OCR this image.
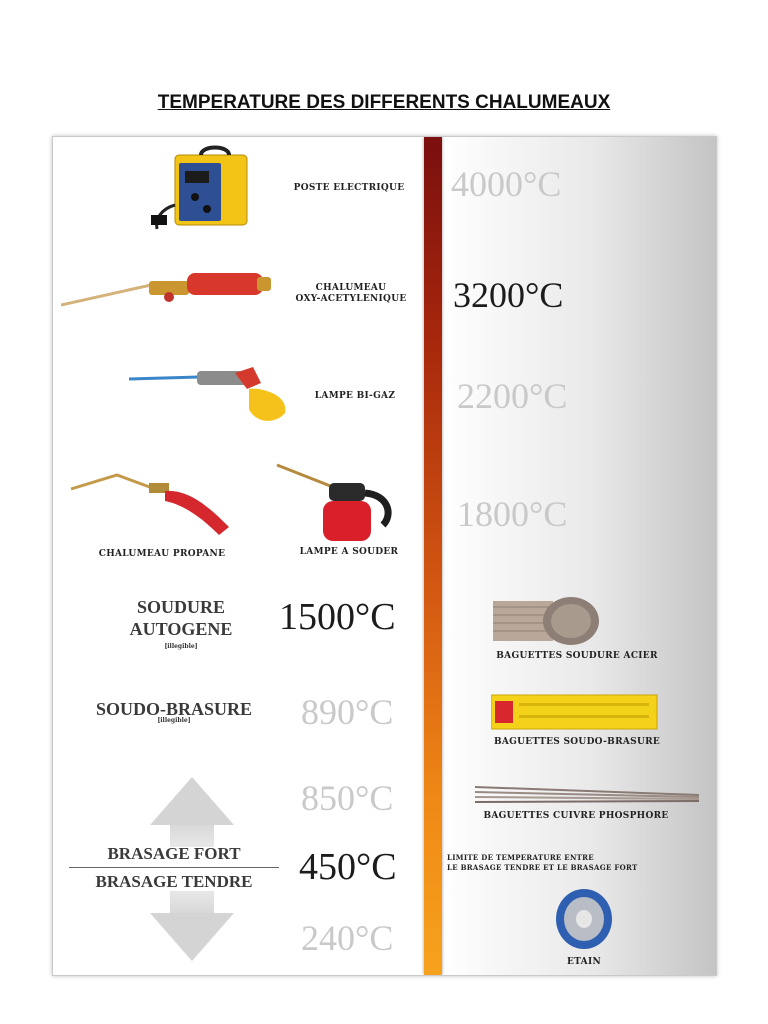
TEMPERATURE DES DIFFERENTS CHALUMEAUX
4000°C
3200°C
2200°C
1800°C
1500°C
890°C
850°C
450°C
240°C
POSTE ELECTRIQUE
CHALUMEAU
OXY-ACETYLENIQUE
LAMPE BI-GAZ
CHALUMEAU PROPANE	LAMPE A SOUDER
SOUDURE
AUTOGENE
[illegible]
SOUDO-BRASURE
[illegible]
BRASAGE FORT
BRASAGE TENDRE
BAGUETTES SOUDURE ACIER
BAGUETTES SOUDO-BRASURE
BAGUETTES CUIVRE PHOSPHORE
LIMITE DE TEMPERATURE ENTRE
LE BRASAGE TENDRE ET LE BRASAGE FORT
ETAIN
